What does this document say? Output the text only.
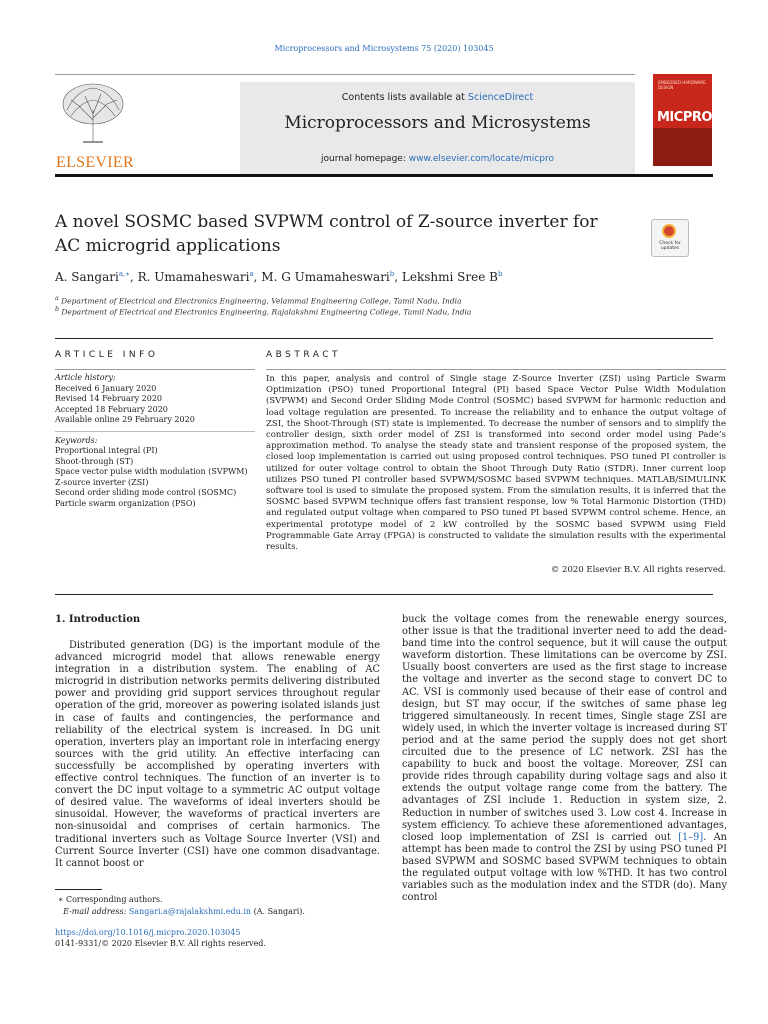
Microprocessors and Microsystems 75 (2020) 103045
ELSEVIER
Contents lists available at ScienceDirect
Microprocessors and Microsystems
journal homepage: www.elsevier.com/locate/micpro
EMBEDDED HARDWARE DESIGN
MICPRO
A novel SOSMC based SVPWM control of Z-source inverter for AC microgrid applications	Check for
updates
A. Sangari$^{a,∗}$, R. Umamaheswari$^a$, M. G Umamaheswari$^b$, Lekshmi Sree $B^b$
$^a$ Department of Electrical and Electronics Engineering, Velammal Engineering College, Tamil Nadu, India
$^b$ Department of Electrical and Electronics Engineering, Rajalakshmi Engineering College, Tamil Nadu, India
ARTICLE INFO	ABSTRACT
Article history:
Received 6 January 2020
Revised 14 February 2020
Accepted 18 February 2020
Available online 29 February 2020
Keywords:
Proportional integral (PI)
Shoot-through (ST)
Space vector pulse width modulation (SVPWM)
Z-source inverter (ZSI)
Second order sliding mode control (SOSMC)
Particle swarm organization (PSO)
In this paper, analysis and control of Single stage Z-Source Inverter (ZSI) using Particle Swarm Optimization (PSO) tuned Proportional Integral (PI) based Space Vector Pulse Width Modulation (SVPWM) and Second Order Sliding Mode Control (SOSMC) based SVPWM for harmonic reduction and load voltage regulation are presented. To increase the reliability and to enhance the output voltage of ZSI, the Shoot-Through (ST) state is implemented. To decrease the number of sensors and to simplify the controller design, sixth order model of ZSI is transformed into second order model using Pade’s approximation method. To analyse the steady state and transient response of the proposed system, the closed loop implementation is carried out using proposed control techniques. PSO tuned PI controller is utilized for outer voltage control to obtain the Shoot Through Duty Ratio (STDR). Inner current loop utilizes PSO tuned PI controller based SVPWM/SOSMC based SVPWM techniques. MATLAB/SIMULINK software tool is used to simulate the proposed system. From the simulation results, it is inferred that the SOSMC based SVPWM technique offers fast transient response, low % Total Harmonic Distortion (THD) and regulated output voltage when compared to PSO tuned PI based SVPWM control scheme. Hence, an experimental prototype model of 2 kW controlled by the SOSMC based SVPWM using Field Programmable Gate Array (FPGA) is constructed to validate the simulation results with the experimental results.
© 2020 Elsevier B.V. All rights reserved.
1. Introduction
Distributed generation (DG) is the important module of the advanced microgrid model that allows renewable energy integration in a distribution system. The enabling of AC microgrid in distribution networks permits delivering distributed power and providing grid support services throughout regular operation of the grid, moreover as powering isolated islands just in case of faults and contingencies, the performance and reliability of the electrical system is increased. In DG unit operation, inverters play an important role in interfacing energy sources with the grid utility. An effective interfacing can successfully be accomplished by operating inverters with effective control techniques. The function of an inverter is to convert the DC input voltage to a symmetric AC output voltage of desired value. The waveforms of ideal inverters should be sinusoidal. However, the waveforms of practical inverters are non-sinusoidal and comprises of certain harmonics. The traditional inverters such as Voltage Source Inverter (VSI) and Current Source Inverter (CSI) have one common disadvantage. It cannot boost or
buck the voltage comes from the renewable energy sources, other issue is that the traditional inverter need to add the dead-band time into the control sequence, but it will cause the output waveform distortion. These limitations can be overcome by ZSI. Usually boost converters are used as the first stage to increase the voltage and inverter as the second stage to convert DC to AC. VSI is commonly used because of their ease of control and design, but ST may occur, if the switches of same phase leg triggered simultaneously. In recent times, Single stage ZSI are widely used, in which the inverter voltage is increased during ST period and at the same period the supply does not get short circuited due to the presence of LC network. ZSI has the capability to buck and boost the voltage. Moreover, ZSI can provide rides through capability during voltage sags and also it extends the output voltage range come from the battery. The advantages of ZSI include 1. Reduction in system size, 2. Reduction in number of switches used 3. Low cost 4. Increase in system efficiency. To achieve these aforementioned advantages, closed loop implementation of ZSI is carried out [1–9]. An attempt has been made to control the ZSI by using PSO tuned PI based SVPWM and SOSMC based SVPWM techniques to obtain the regulated output voltage with low %THD. It has two control variables such as the modulation index and the STDR (do). Many control
∗ Corresponding authors.
E-mail address: Sangari.a@rajalakshmi.edu.in (A. Sangari).
https://doi.org/10.1016/j.micpro.2020.103045
0141-9331/© 2020 Elsevier B.V. All rights reserved.
